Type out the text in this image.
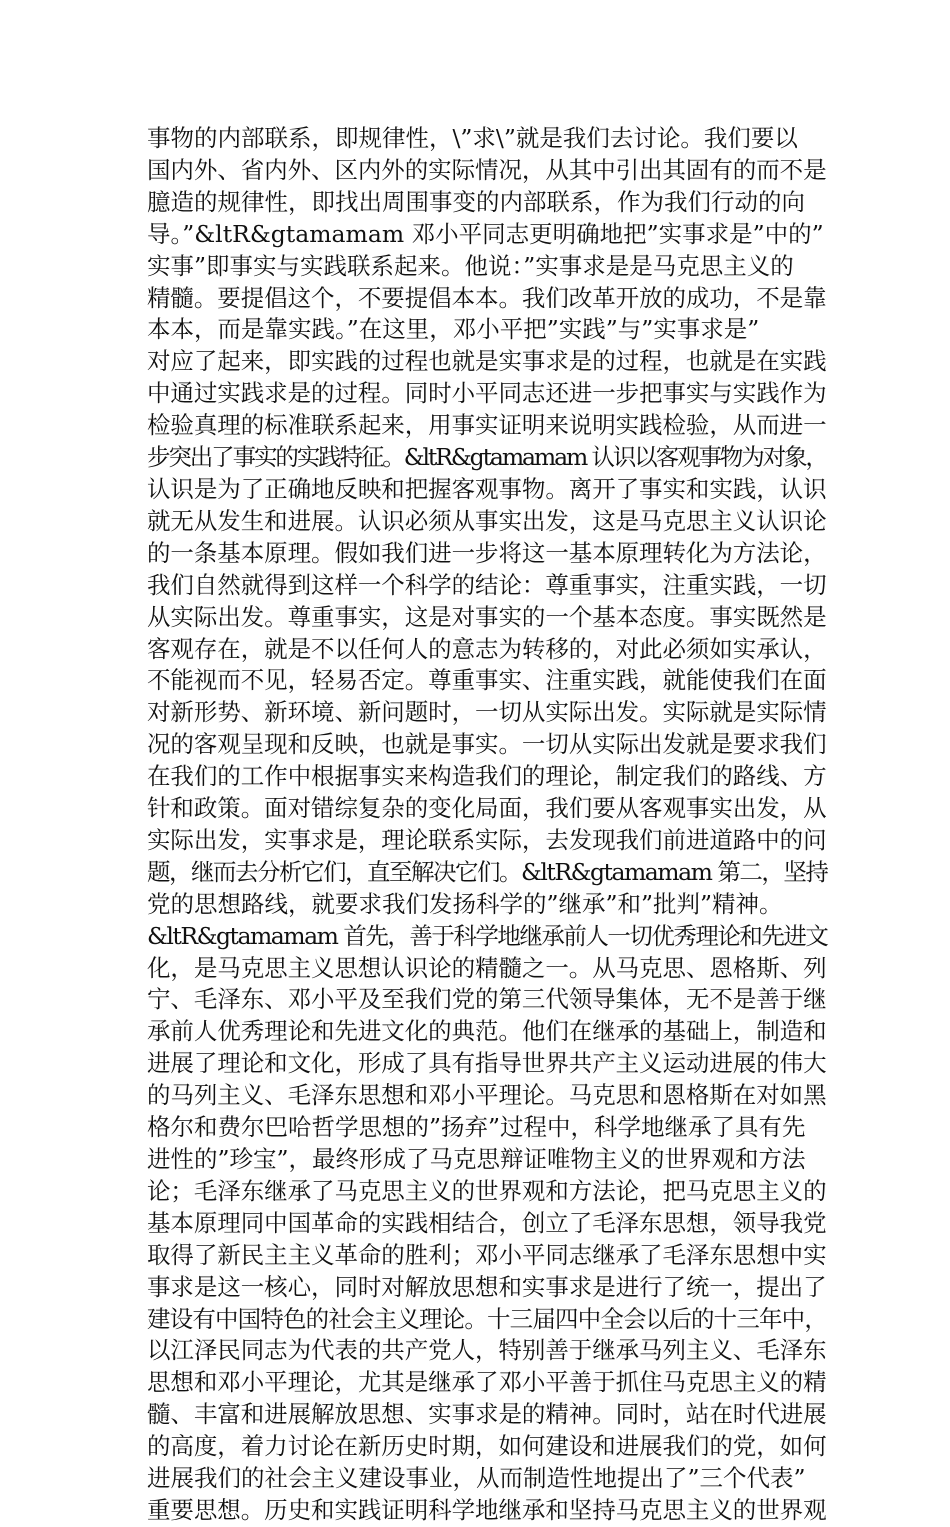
事物的内部联系，即规律性，\”求\”就是我们去讨论。我们要以
国内外、省内外、区内外的实际情况，从其中引出其固有的而不是
臆造的规律性，即找出周围事变的内部联系，作为我们行动的向
导。”&ltR&gtamamam 邓小平同志更明确地把”实事求是”中的”
实事”即事实与实践联系起来。他说：”实事求是是马克思主义的
精髓。要提倡这个，不要提倡本本。我们改革开放的成功，不是靠
本本，而是靠实践。”在这里，邓小平把”实践”与”实事求是”
对应了起来，即实践的过程也就是实事求是的过程，也就是在实践
中通过实践求是的过程。同时小平同志还进一步把事实与实践作为
检验真理的标准联系起来，用事实证明来说明实践检验，从而进一
步突出了事实的实践特征。&ltR&gtamamam 认识以客观事物为对象，
认识是为了正确地反映和把握客观事物。离开了事实和实践，认识
就无从发生和进展。认识必须从事实出发，这是马克思主义认识论
的一条基本原理。假如我们进一步将这一基本原理转化为方法论，
我们自然就得到这样一个科学的结论：尊重事实，注重实践，一切
从实际出发。尊重事实，这是对事实的一个基本态度。事实既然是
客观存在，就是不以任何人的意志为转移的，对此必须如实承认，
不能视而不见，轻易否定。尊重事实、注重实践，就能使我们在面
对新形势、新环境、新问题时，一切从实际出发。实际就是实际情
况的客观呈现和反映，也就是事实。一切从实际出发就是要求我们
在我们的工作中根据事实来构造我们的理论，制定我们的路线、方
针和政策。面对错综复杂的变化局面，我们要从客观事实出发，从
实际出发，实事求是，理论联系实际，去发现我们前进道路中的问
题，继而去分析它们，直至解决它们。&ltR&gtamamam 第二，坚持
党的思想路线，就要求我们发扬科学的”继承”和”批判”精神。
&ltR&gtamamam 首先，善于科学地继承前人一切优秀理论和先进文
化，是马克思主义思想认识论的精髓之一。从马克思、恩格斯、列
宁、毛泽东、邓小平及至我们党的第三代领导集体，无不是善于继
承前人优秀理论和先进文化的典范。他们在继承的基础上，制造和
进展了理论和文化，形成了具有指导世界共产主义运动进展的伟大
的马列主义、毛泽东思想和邓小平理论。马克思和恩格斯在对如黑
格尔和费尔巴哈哲学思想的”扬弃”过程中，科学地继承了具有先
进性的”珍宝”，最终形成了马克思辩证唯物主义的世界观和方法
论；毛泽东继承了马克思主义的世界观和方法论，把马克思主义的
基本原理同中国革命的实践相结合，创立了毛泽东思想，领导我党
取得了新民主主义革命的胜利；邓小平同志继承了毛泽东思想中实
事求是这一核心，同时对解放思想和实事求是进行了统一，提出了
建设有中国特色的社会主义理论。十三届四中全会以后的十三年中，
以江泽民同志为代表的共产党人，特别善于继承马列主义、毛泽东
思想和邓小平理论，尤其是继承了邓小平善于抓住马克思主义的精
髓、丰富和进展解放思想、实事求是的精神。同时，站在时代进展
的高度，着力讨论在新历史时期，如何建设和进展我们的党，如何
进展我们的社会主义建设事业，从而制造性地提出了”三个代表”
重要思想。历史和实践证明科学地继承和坚持马克思主义的世界观
